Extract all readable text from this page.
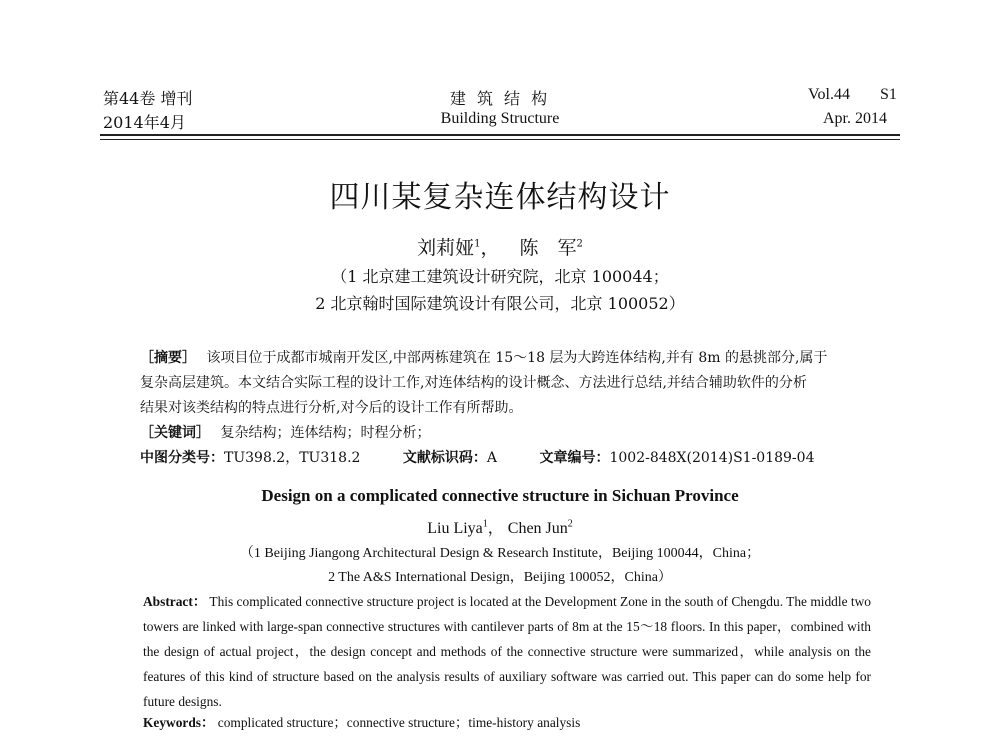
第44卷 增刊
2014年4月
建 筑 结 构
Building Structure
Vol.44 S1
Apr. 2014
四川某复杂连体结构设计
刘莉娅$^1$， 陈　军$^2$
（1 北京建工建筑设计研究院，北京 100044；
2 北京翰时国际建筑设计有限公司，北京 100052）
［摘要］ 该项目位于成都市城南开发区,中部两栋建筑在 15～18 层为大跨连体结构,并有 8m 的悬挑部分,属于
复杂高层建筑。本文结合实际工程的设计工作,对连体结构的设计概念、方法进行总结,并结合辅助软件的分析
结果对该类结构的特点进行分析,对今后的设计工作有所帮助。
［关键词］ 复杂结构；连体结构；时程分析；
中图分类号：TU398.2，TU318.2	文献标识码：A	文章编号：1002-848X(2014)S1-0189-04
Design on a complicated connective structure in Sichuan Province
Liu Liya$^1$， Chen Jun$^2$
（1 Beijing Jiangong Architectural Design & Research Institute，Beijing 100044，China；
2 The A&S International Design，Beijing 100052，China）
Abstract： This complicated connective structure project is located at the Development Zone in the south of Chengdu. The middle two towers are linked with large-span connective structures with cantilever parts of 8m at the 15～18 floors. In this paper，combined with the design of actual project，the design concept and methods of the connective structure were summarized，while analysis on the features of this kind of structure based on the analysis results of auxiliary software was carried out. This paper can do some help for future designs.
Keywords： complicated structure；connective structure；time-history analysis
